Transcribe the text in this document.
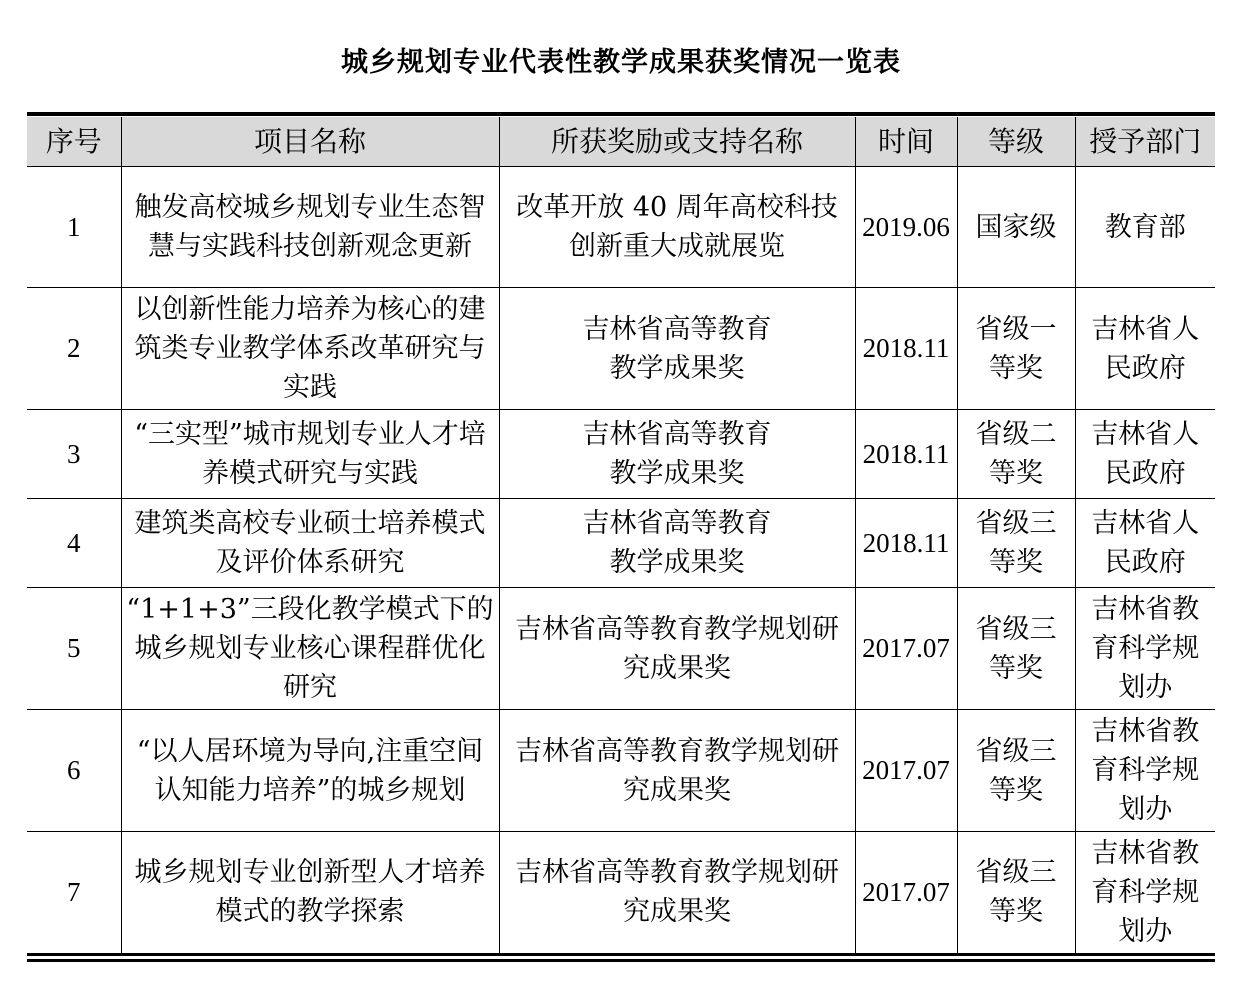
城乡规划专业代表性教学成果获奖情况一览表
序号	项目名称	所获奖励或支持名称	时间	等级	授予部门
1	触发高校城乡规划专业生态智慧与实践科技创新观念更新	改革开放 40 周年高校科技创新重大成就展览	2019.06	国家级	教育部
2	以创新性能力培养为核心的建筑类专业教学体系改革研究与实践	吉林省高等教育教学成果奖	2018.11	省级一等奖	吉林省人民政府
3	“三实型”城市规划专业人才培养模式研究与实践	吉林省高等教育教学成果奖	2018.11	省级二等奖	吉林省人民政府
4	建筑类高校专业硕士培养模式及评价体系研究	吉林省高等教育教学成果奖	2018.11	省级三等奖	吉林省人民政府
5	“1+1+3”三段化教学模式下的城乡规划专业核心课程群优化研究	吉林省高等教育教学规划研究成果奖	2017.07	省级三等奖	吉林省教育科学规划办
6	“以人居环境为导向,注重空间认知能力培养”的城乡规划	吉林省高等教育教学规划研究成果奖	2017.07	省级三等奖	吉林省教育科学规划办
7	城乡规划专业创新型人才培养模式的教学探索	吉林省高等教育教学规划研究成果奖	2017.07	省级三等奖	吉林省教育科学规划办
